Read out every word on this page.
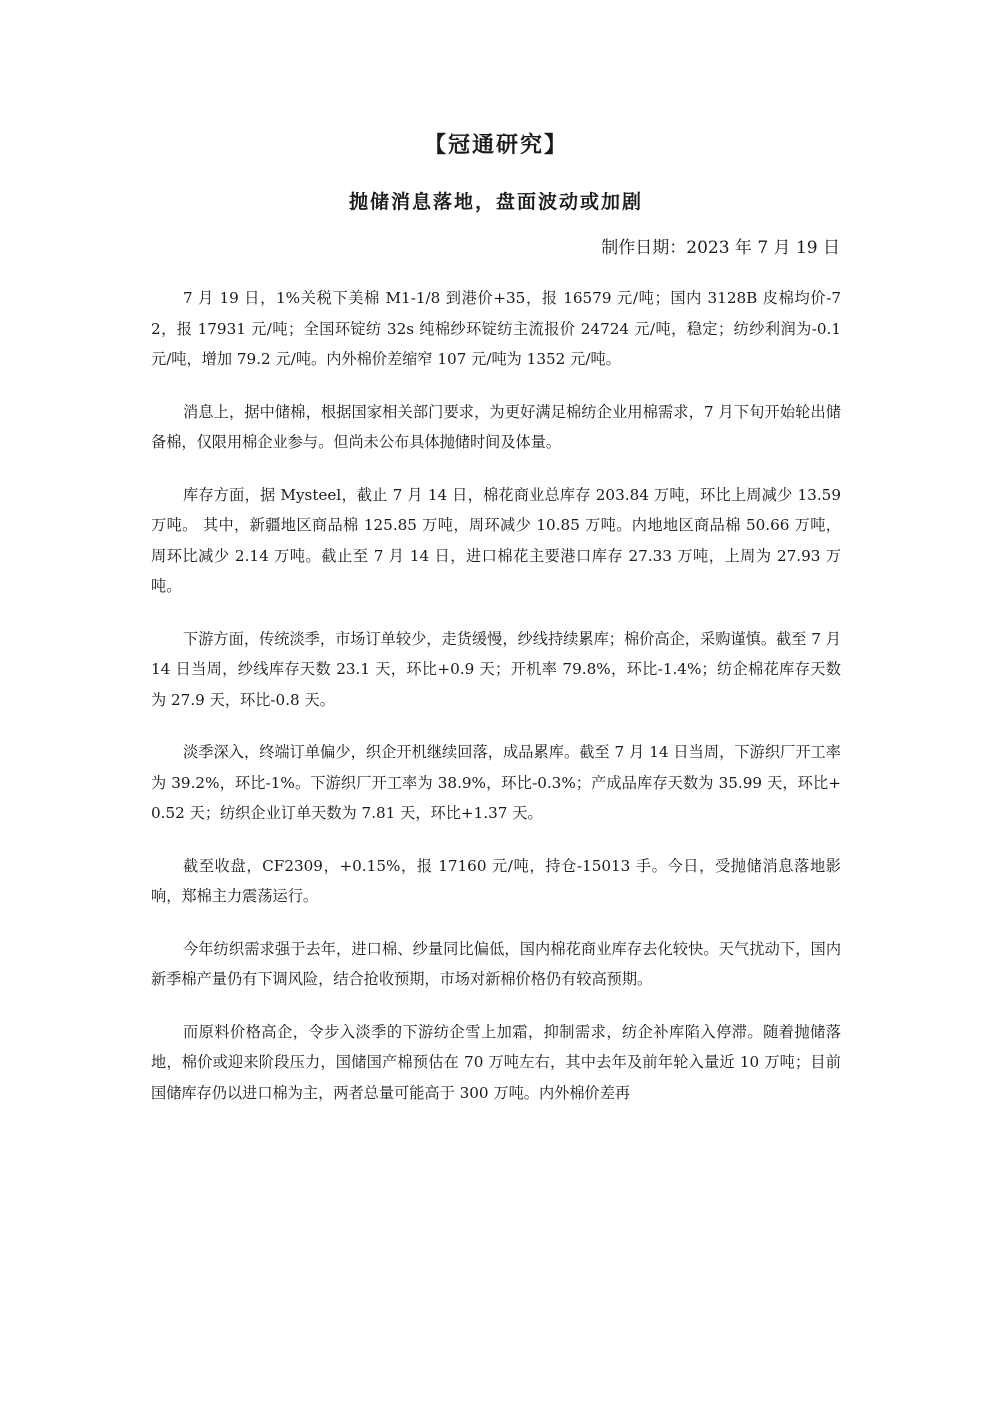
【冠通研究】
抛储消息落地，盘面波动或加剧
制作日期：2023 年 7 月 19 日

7 月 19 日，1%关税下美棉 M1-1/8 到港价+35，报 16579 元/吨；国内 3128B 皮棉均价-72，报 17931 元/吨；全国环锭纺 32s 纯棉纱环锭纺主流报价 24724 元/吨，稳定；纺纱利润为-0.1 元/吨，增加 79.2 元/吨。内外棉价差缩窄 107 元/吨为 1352 元/吨。

消息上，据中储棉，根据国家相关部门要求，为更好满足棉纺企业用棉需求，7 月下旬开始轮出储备棉，仅限用棉企业参与。但尚未公布具体抛储时间及体量。

库存方面，据 Mysteel，截止 7 月 14 日，棉花商业总库存 203.84 万吨，环比上周减少 13.59 万吨。 其中，新疆地区商品棉 125.85 万吨，周环减少 10.85 万吨。内地地区商品棉 50.66 万吨，周环比减少 2.14 万吨。截止至 7 月 14 日，进口棉花主要港口库存 27.33 万吨，上周为 27.93 万吨。

下游方面，传统淡季，市场订单较少，走货缓慢，纱线持续累库；棉价高企，采购谨慎。截至 7 月 14 日当周，纱线库存天数 23.1 天，环比+0.9 天；开机率 79.8%，环比-1.4%；纺企棉花库存天数为 27.9 天，环比-0.8 天。

淡季深入，终端订单偏少，织企开机继续回落，成品累库。截至 7 月 14 日当周，下游织厂开工率为 39.2%，环比-1%。下游织厂开工率为 38.9%，环比-0.3%；产成品库存天数为 35.99 天，环比+0.52 天；纺织企业订单天数为 7.81 天，环比+1.37 天。

截至收盘，CF2309，+0.15%，报 17160 元/吨，持仓-15013 手。今日，受抛储消息落地影响，郑棉主力震荡运行。

今年纺织需求强于去年，进口棉、纱量同比偏低，国内棉花商业库存去化较快。天气扰动下，国内新季棉产量仍有下调风险，结合抢收预期，市场对新棉价格仍有较高预期。

而原料价格高企，令步入淡季的下游纺企雪上加霜，抑制需求，纺企补库陷入停滞。随着抛储落地，棉价或迎来阶段压力，国储国产棉预估在 70 万吨左右，其中去年及前年轮入量近 10 万吨；目前国储库存仍以进口棉为主，两者总量可能高于 300 万吨。内外棉价差再
